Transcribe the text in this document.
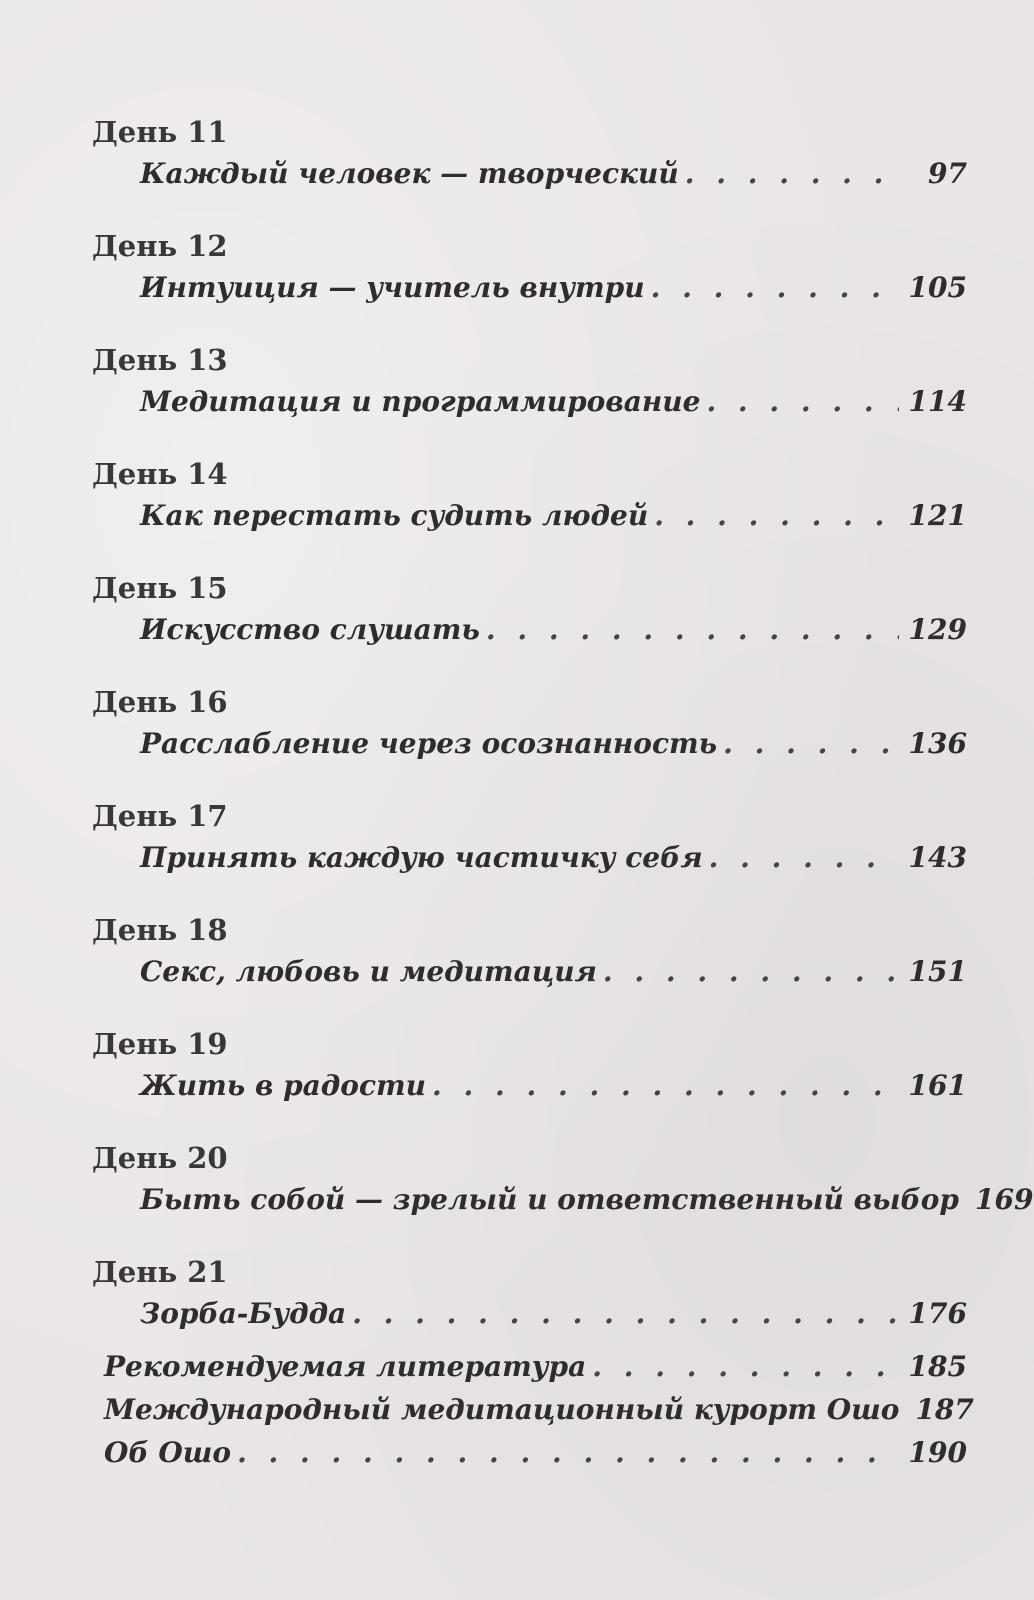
День 11
Каждый человек — творческий . . .	97
День 12
Интуиция — учитель внутри . . .	105
День 13
Медитация и программирование . . .	114
День 14
Как перестать судить людей . . .	121
День 15
Искусство слушать . . .	129
День 16
Расслабление через осознанность . . .	136
День 17
Принять каждую частичку себя . . .	143
День 18
Секс, любовь и медитация . . .	151
День 19
Жить в радости . . .	161
День 20
Быть собой — зрелый и ответственный выбор 169
День 21
Зорба-Будда . . .	176
Рекомендуемая литература . . .	185
Международный медитационный курорт Ошо 187
Об Ошо . . .	190
